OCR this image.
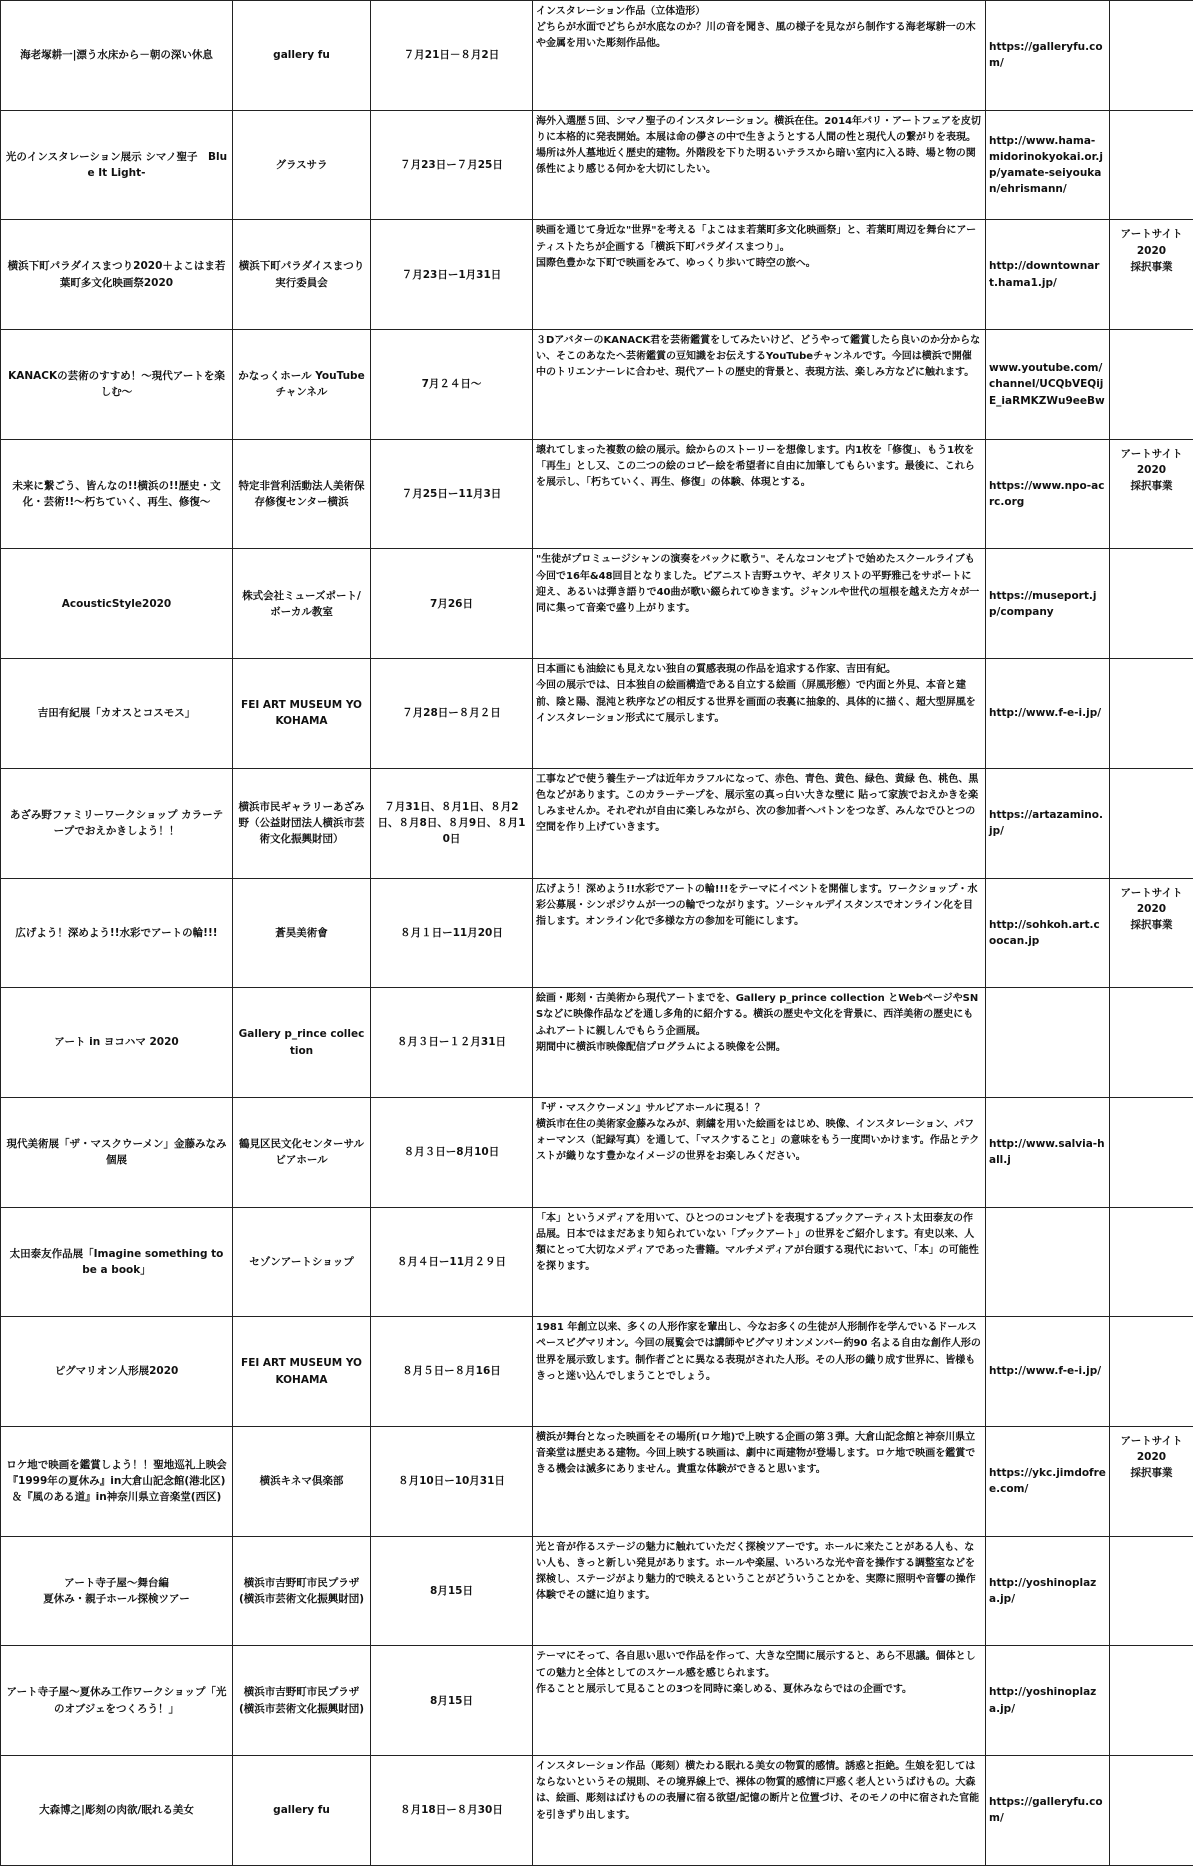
海老塚耕一|漂う水床から－朝の深い休息	gallery fu	７月21日－８月2日	インスタレーション作品（立体造形）
どちらが水面でどちらが水底なのか？川の音を聞き、風の様子を見ながら制作する海老塚耕一の木や金属を用いた彫刻作品他。	https://galleryfu.com/	
光のインスタレーション展示 シマノ聖子　Blue It Light-	グラスサラ	７月23日ー７月25日	海外入選歴５回、シマノ聖子のインスタレーション。横浜在住。2014年パリ・アートフェアを皮切りに本格的に発表開始。本展は命の儚さの中で生きようとする人間の性と現代人の繋がりを表現。場所は外人墓地近く歴史的建物。外階段を下りた明るいテラスから暗い室内に入る時、場と物の関係性により感じる何かを大切にしたい。	http://www.hama-midorinokyokai.or.jp/yamate-seiyoukan/ehrismann/	
横浜下町パラダイスまつり2020＋よこはま若葉町多文化映画祭2020	横浜下町パラダイスまつり実行委員会	７月23日ー1月31日	映画を通じて身近な"世界"を考える「よこはま若葉町多文化映画祭」と、若葉町周辺を舞台にアーティストたちが企画する「横浜下町パラダイスまつり」。
国際色豊かな下町で映画をみて、ゆっくり歩いて時空の旅へ。	http://downtownart.hama1.jp/	アートサイト
2020
採択事業
KANACKの芸術のすすめ！～現代アートを楽しむ～	かなっくホール YouTube チャンネル	7月２４日～	３DアバターのKANACK君を芸術鑑賞をしてみたいけど、どうやって鑑賞したら良いのか分からない、そこのあなたへ芸術鑑賞の豆知識をお伝えするYouTubeチャンネルです。今回は横浜で開催中のトリエンナーレに合わせ、現代アートの歴史的背景と、表現方法、楽しみ方などに触れます。	www.youtube.com/channel/UCQbVEQijE_iaRMKZWu9eeBw	
未来に繋ごう、皆んなの!!横浜の!!歴史・文化・芸術!!～朽ちていく、再生、修復～	特定非営利活動法人美術保存修復センター横浜	７月25日ー11月3日	壊れてしまった複数の絵の展示。絵からのストーリーを想像します。内1枚を「修復」、もう1枚を「再生」とし又、この二つの絵のコピー絵を希望者に自由に加筆してもらいます。最後に、これらを展示し、「朽ちていく、再生、修復」の体験、体現とする。	https://www.npo-acrc.org	アートサイト
2020
採択事業
AcousticStyle2020	株式会社ミューズポート/ボーカル教室	7月26日	"生徒がプロミュージシャンの演奏をバックに歌う"、そんなコンセプトで始めたスクールライブも今回で16年&48回目となりました。ピアニスト吉野ユウヤ、ギタリストの平野雅己をサポートに迎え、あるいは弾き語りで40曲が歌い綴られてゆきます。ジャンルや世代の垣根を越えた方々が一同に集って音楽で盛り上がります。	https://museport.jp/company	
吉田有紀展「カオスとコスモス」	FEI ART MUSEUM YOKOHAMA	７月28日ー８月２日	日本画にも油絵にも見えない独自の質感表現の作品を追求する作家、吉田有紀。
今回の展示では、日本独自の絵画構造である自立する絵画（屏風形態）で内面と外見、本音と建前、陰と陽、混沌と秩序などの相反する世界を画面の表裏に抽象的、具体的に描く、超大型屏風をインスタレーション形式にて展示します。	http://www.f-e-i.jp/	
あざみ野ファミリーワークショップ カラーテープでおえかきしよう！！	横浜市民ギャラリーあざみ野（公益財団法人横浜市芸術文化振興財団）	７月31日、８月1日、８月2日、８月8日、８月9日、８月10日	工事などで使う養生テープは近年カラフルになって、赤色、青色、黄色、緑色、黄緑 色、桃色、黒色などがあります。このカラーテープを、展示室の真っ白い大きな壁に 貼って家族でおえかきを楽しみませんか。それぞれが自由に楽しみながら、次の参加者へバトンをつなぎ、みんなでひとつの空間を作り上げていきます。	https://artazamino.jp/	
広げよう！深めよう!!水彩でアートの輪!!!	蒼昊美術會	８月１日ー11月20日	広げよう！深めよう!!水彩でアートの輪!!!をテーマにイベントを開催します。ワークショップ・水彩公募展・シンポジウムが一つの輪でつながります。ソーシャルデイスタンスでオンライン化を目指します。オンライン化で多様な方の参加を可能にします。	http://sohkoh.art.coocan.jp	アートサイト
2020
採択事業
アート in ヨコハマ 2020	Gallery p_rince collection	８月３日ー１２月31日	絵画・彫刻・古美術から現代アートまでを、Gallery p_prince collection とWebページやSNSなどに映像作品などを通し多角的に紹介する。横浜の歴史や文化を背景に、西洋美術の歴史にもふれアートに親しんでもらう企画展。
期間中に横浜市映像配信プログラムによる映像を公開。		
現代美術展「ザ・マスクウーメン」金藤みなみ個展	鶴見区民文化センターサルビアホール	８月３日ー8月10日	『ザ・マスクウーメン』サルビアホールに現る！？
横浜市在住の美術家金藤みなみが、刺繍を用いた絵画をはじめ、映像、インスタレーション、パフォーマンス（記録写真）を通して、「マスクすること」の意味をもう一度問いかけます。作品とテクストが織りなす豊かなイメージの世界をお楽しみください。	http://www.salvia-hall.j	
太田泰友作品展「Imagine something to be a book」	セゾンアートショップ	８月４日ー11月２９日	「本」というメディアを用いて、ひとつのコンセプトを表現するブックアーティスト太田泰友の作品展。日本ではまだあまり知られていない「ブックアート」の世界をご紹介します。有史以来、人類にとって大切なメディアであった書籍。マルチメディアが台頭する現代において、「本」の可能性を探ります。		
ピグマリオン人形展2020	FEI ART MUSEUM YOKOHAMA	８月５日ー８月16日	1981 年創立以来、多くの人形作家を輩出し、今なお多くの生徒が人形制作を学んでいるドールスペースピグマリオン。今回の展覧会では講師やピグマリオンメンバー約90 名よる自由な創作人形の世界を展示致します。制作者ごとに異なる表現がされた人形。その人形の織り成す世界に、皆様もきっと迷い込んでしまうことでしょう。	http://www.f-e-i.jp/	
ロケ地で映画を鑑賞しよう！！聖地巡礼上映会『1999年の夏休み』in大倉山記念館(港北区)＆『風のある道』in神奈川県立音楽堂(西区)	横浜キネマ倶楽部	８月10日ー10月31日	横浜が舞台となった映画をその場所(ロケ地)で上映する企画の第３弾。大倉山記念館と神奈川県立音楽堂は歴史ある建物。今回上映する映画は、劇中に両建物が登場します。ロケ地で映画を鑑賞できる機会は滅多にありません。貴重な体験ができると思います。	https://ykc.jimdofree.com/	アートサイト
2020
採択事業
アート寺子屋～舞台編
夏休み・親子ホール探検ツアー	横浜市吉野町市民プラザ(横浜市芸術文化振興財団)	8月15日	光と音が作るステージの魅力に触れていただく探検ツアーです。ホールに来たことがある人も、ない人も、きっと新しい発見があります。ホールや楽屋、いろいろな光や音を操作する調整室などを探検し、ステージがより魅力的で映えるということがどういうことかを、実際に照明や音響の操作体験でその謎に迫ります。	http://yoshinoplaza.jp/	
アート寺子屋～夏休み工作ワークショップ「光のオブジェをつくろう！」	横浜市吉野町市民プラザ(横浜市芸術文化振興財団)	8月15日	テーマにそって、各自思い思いで作品を作って、大きな空間に展示すると、あら不思議。個体としての魅力と全体としてのスケール感を感じられます。
作ることと展示して見ることの3つを同時に楽しめる、夏休みならではの企画です。	http://yoshinoplaza.jp/	
大森博之|彫刻の肉欲/眠れる美女	gallery fu	８月18日ー８月30日	インスタレーション作品（彫刻）横たわる眠れる美女の物質的感情。誘惑と拒絶。生娘を犯してはならないというその規則、その境界線上で、裸体の物質的感情に戸惑く老人というばけもの。大森は、絵画、彫刻はばけものの表層に宿る欲望/記憶の断片と位置づけ、そのモノの中に宿された官能を引きずり出します。	https://galleryfu.com/	
